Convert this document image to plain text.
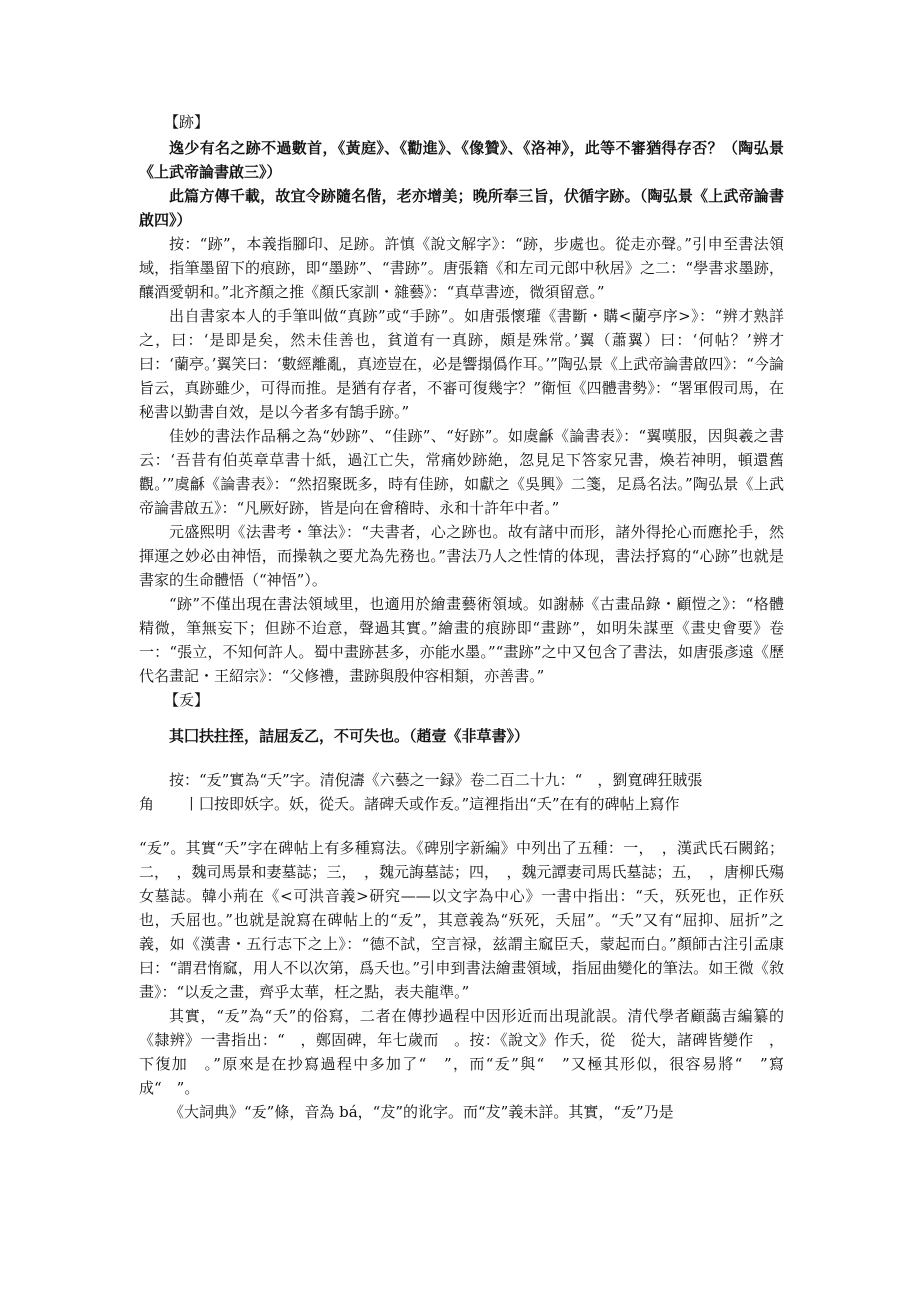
【跡】

逸少有名之跡不過數首，《黃庭》、《勸進》、《像贊》、《洛神》，此等不審猶得存否？（陶弘景《上武帝論書啟三》）

此篇方傳千載，故宜令跡隨名偕，老亦增美；晚所奉三旨，伏循字跡。（陶弘景《上武帝論書啟四》）

按：“跡”，本義指腳印、足跡。許慎《說文解字》：“跡，步處也。從走亦聲。”引申至書法領域，指筆墨留下的痕跡，即“墨跡”、“書跡”。唐張籍《和左司元郎中秋居》之二：“學書求墨跡，釀酒愛朝和。”北齐顏之推《顏氏家訓・雜藝》：“真草書迹，微須留意。”

出自書家本人的手筆叫做“真跡”或“手跡”。如唐張懷瓘《書斷・購<蘭亭序>》：“辨才熟詳之，曰：‘是即是矣，然未佳善也，貧道有一真跡，頗是殊常。’翼（蕭翼）曰：‘何帖？’辨才曰：‘蘭亭。’翼笑曰：‘數經離亂，真迹豈在，必是響搨僞作耳。’”陶弘景《上武帝論書啟四》：“今論旨云，真跡雖少，可得而推。是猶有存者，不審可復幾字？”衛恒《四體書勢》：“署軍假司馬，在秘書以勤書自效，是以今者多有鵠手跡。”

佳妙的書法作品稱之為“妙跡”、“佳跡”、“好跡”。如虞龢《論書表》：“翼嘆服，因與羲之書云：‘吾昔有伯英章草書十紙，過江亡失，常痛妙跡絶，忽見足下答家兄書，煥若神明，頓還舊觀。’”虞龢《論書表》：“然招聚既多，時有佳跡，如獻之《吳興》二箋，足爲名法。”陶弘景《上武帝論書啟五》：“凡厥好跡，皆是向在會稽時、永和十許年中者。”

元盛熙明《法書考・筆法》：“夫書者，心之跡也。故有諸中而形，諸外得抡心而應抡手，然揮運之妙必由神悟，而操執之要尤為先務也。”書法乃人之性情的体现，書法抒寫的“心跡”也就是書家的生命體悟（“神悟”）。

“跡”不僅出現在書法領域里，也適用於繪畫藝術領域。如謝赫《古畫品錄・顧愷之》：“格體精微，筆無妄下；但跡不迨意，聲過其實。”繪畫的痕跡即“畫跡”，如明朱謀垔《畫史會要》卷一：“張立，不知何許人。蜀中畫跡甚多，亦能水墨。”“畫跡”之中又包含了書法，如唐張彥遠《歷代名畫記・王紹宗》：“父修禮，畫跡與殷仲容相類，亦善書。”

【叐】

其囗扶拄挃，詰屈叐乙，不可失也。（趙壹《非草書》）

按：“叐”實為“夭”字。清倪濤《六藝之一録》卷二百二十九：“　，劉寬碑狂賊張

角　　丨囗按即妖字。妖，從夭。諸碑夭或作叐。”這裡指出“夭”在有的碑帖上寫作

“叐”。其實“夭”字在碑帖上有多種寫法。《碑別字新編》中列出了五種：一，　，漢武氏石闕銘；二，　，魏司馬景和妻墓誌；三，　，魏元誨墓誌；四，　，魏元譚妻司馬氏墓誌；五，　，唐柳氏殤女墓誌。韓小荊在《<可洪音義>研究——以文字為中心》一書中指出：“夭，殀死也，正作殀也，夭屈也。”也就是說寫在碑帖上的“叐”，其意義為“殀死，夭屈”。“夭”又有“屈抑、屈折”之義，如《漢書・五行志下之上》：“德不試，空言禄，兹謂主窳臣夭，蒙起而白。”顏師古注引孟康曰：“謂君惰窳，用人不以次第，爲夭也。”引申到書法繪畫領域，指屈曲變化的筆法。如王微《敘畫》：“以叐之畫，齊乎太華，枉之點，表夫龍準。”

其實，“叐”為“夭”的俗寫，二者在傳抄過程中因形近而出現訛誤。清代學者顧藹吉編纂的《隸辨》一書指出：“　，鄭固碑，年七歲而　。按：《說文》作夭，從　從大，諸碑皆變作　，下復加　。”原來是在抄寫過程中多加了“　”，而“叐”與“　”又極其形似，很容易將“　”寫成“　”。

《大詞典》“叐”條，音為 bá，“犮”的讹字。而“犮”義未詳。其實，“叐”乃是
